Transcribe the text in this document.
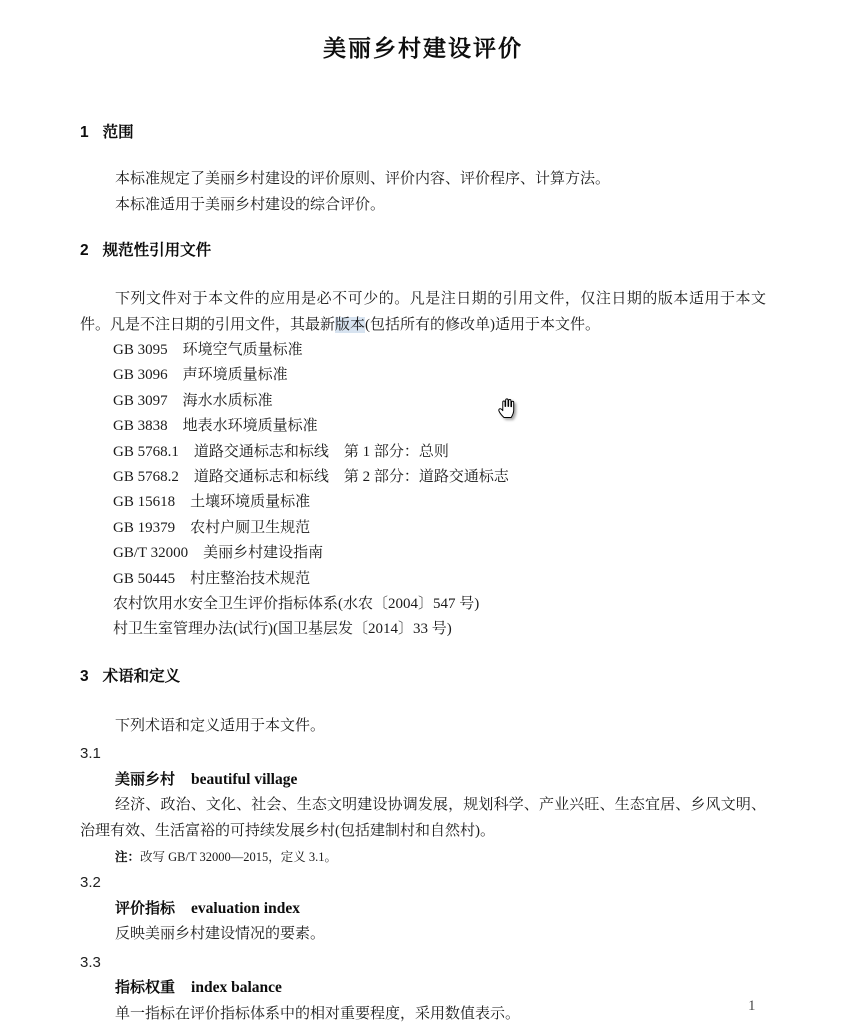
美丽乡村建设评价
1 范围
本标准规定了美丽乡村建设的评价原则、评价内容、评价程序、计算方法。
本标准适用于美丽乡村建设的综合评价。
2 规范性引用文件
下列文件对于本文件的应用是必不可少的。凡是注日期的引用文件，仅注日期的版本适用于本文件。凡是不注日期的引用文件，其最新版本(包括所有的修改单)适用于本文件。
GB 3095　环境空气质量标准
GB 3096　声环境质量标准
GB 3097　海水水质标准
GB 3838　地表水环境质量标准
GB 5768.1　道路交通标志和标线　第 1 部分：总则
GB 5768.2　道路交通标志和标线　第 2 部分：道路交通标志
GB 15618　土壤环境质量标准
GB 19379　农村户厕卫生规范
GB/T 32000　美丽乡村建设指南
GB 50445　村庄整治技术规范
农村饮用水安全卫生评价指标体系(水农〔2004〕547 号)
村卫生室管理办法(试行)(国卫基层发〔2014〕33 号)
3 术语和定义
下列术语和定义适用于本文件。
3.1
美丽乡村 beautiful village
经济、政治、文化、社会、生态文明建设协调发展，规划科学、产业兴旺、生态宜居、乡风文明、治理有效、生活富裕的可持续发展乡村(包括建制村和自然村)。
注：改写 GB/T 32000—2015，定义 3.1。
3.2
评价指标 evaluation index
反映美丽乡村建设情况的要素。
3.3
指标权重 index balance
单一指标在评价指标体系中的相对重要程度，采用数值表示。	1
